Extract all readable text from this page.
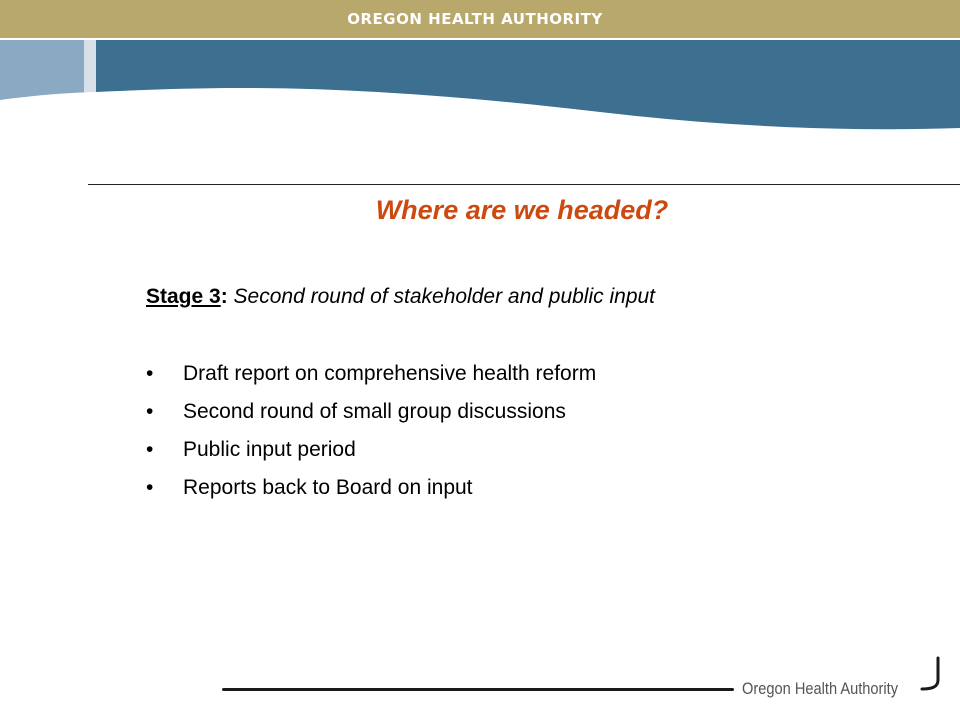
OREGON HEALTH AUTHORITY
Where are we headed?
Stage 3: Second round of stakeholder and public input
• Draft report on comprehensive health reform
• Second round of small group discussions
• Public input period
• Reports back to Board on input
Oregon Health Authority
